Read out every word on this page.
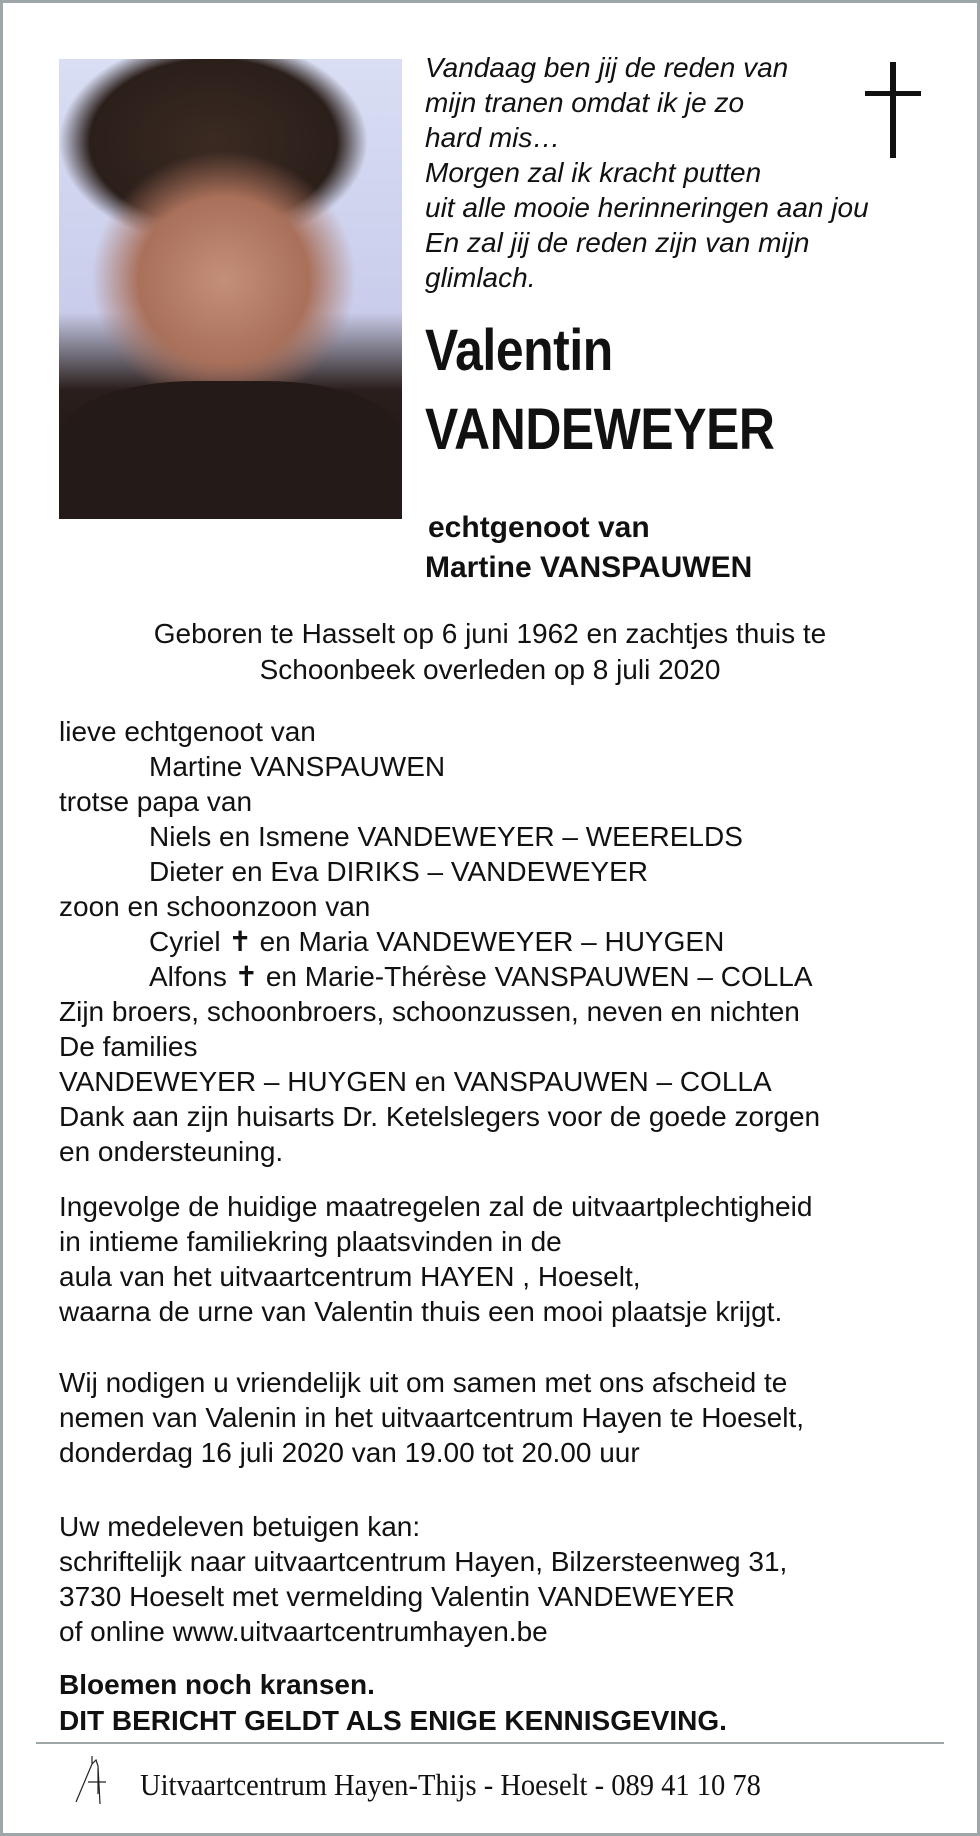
Vandaag ben jij de reden van
mijn tranen omdat ik je zo
hard mis…
Morgen zal ik kracht putten
uit alle mooie herinneringen aan jou
En zal jij de reden zijn van mijn
glimlach.
Valentin
VANDEWEYER
echtgenoot van
Martine VANSPAUWEN
Geboren te Hasselt op 6 juni 1962 en zachtjes thuis te
Schoonbeek overleden op 8 juli 2020
lieve echtgenoot van
Martine VANSPAUWEN
trotse papa van
Niels en Ismene VANDEWEYER – WEERELDS
Dieter en Eva DIRIKS – VANDEWEYER
zoon en schoonzoon van
Cyriel ✝ en Maria VANDEWEYER – HUYGEN
Alfons ✝ en Marie-Thérèse VANSPAUWEN – COLLA
Zijn broers, schoonbroers, schoonzussen, neven en nichten
De families
VANDEWEYER – HUYGEN en VANSPAUWEN – COLLA
Dank aan zijn huisarts Dr. Ketelslegers voor de goede zorgen
en ondersteuning.
Ingevolge de huidige maatregelen zal de uitvaartplechtigheid
in intieme familiekring plaatsvinden in de
aula van het uitvaartcentrum HAYEN , Hoeselt,
waarna de urne van Valentin thuis een mooi plaatsje krijgt.
Wij nodigen u vriendelijk uit om samen met ons afscheid te
nemen van Valenin in het uitvaartcentrum Hayen te Hoeselt,
donderdag 16 juli 2020 van 19.00 tot 20.00 uur
Uw medeleven betuigen kan:
schriftelijk naar uitvaartcentrum Hayen, Bilzersteenweg 31,
3730 Hoeselt met vermelding Valentin VANDEWEYER
of online www.uitvaartcentrumhayen.be
Bloemen noch kransen.
DIT BERICHT GELDT ALS ENIGE KENNISGEVING.
Uitvaartcentrum Hayen-Thijs - Hoeselt - 089 41 10 78
